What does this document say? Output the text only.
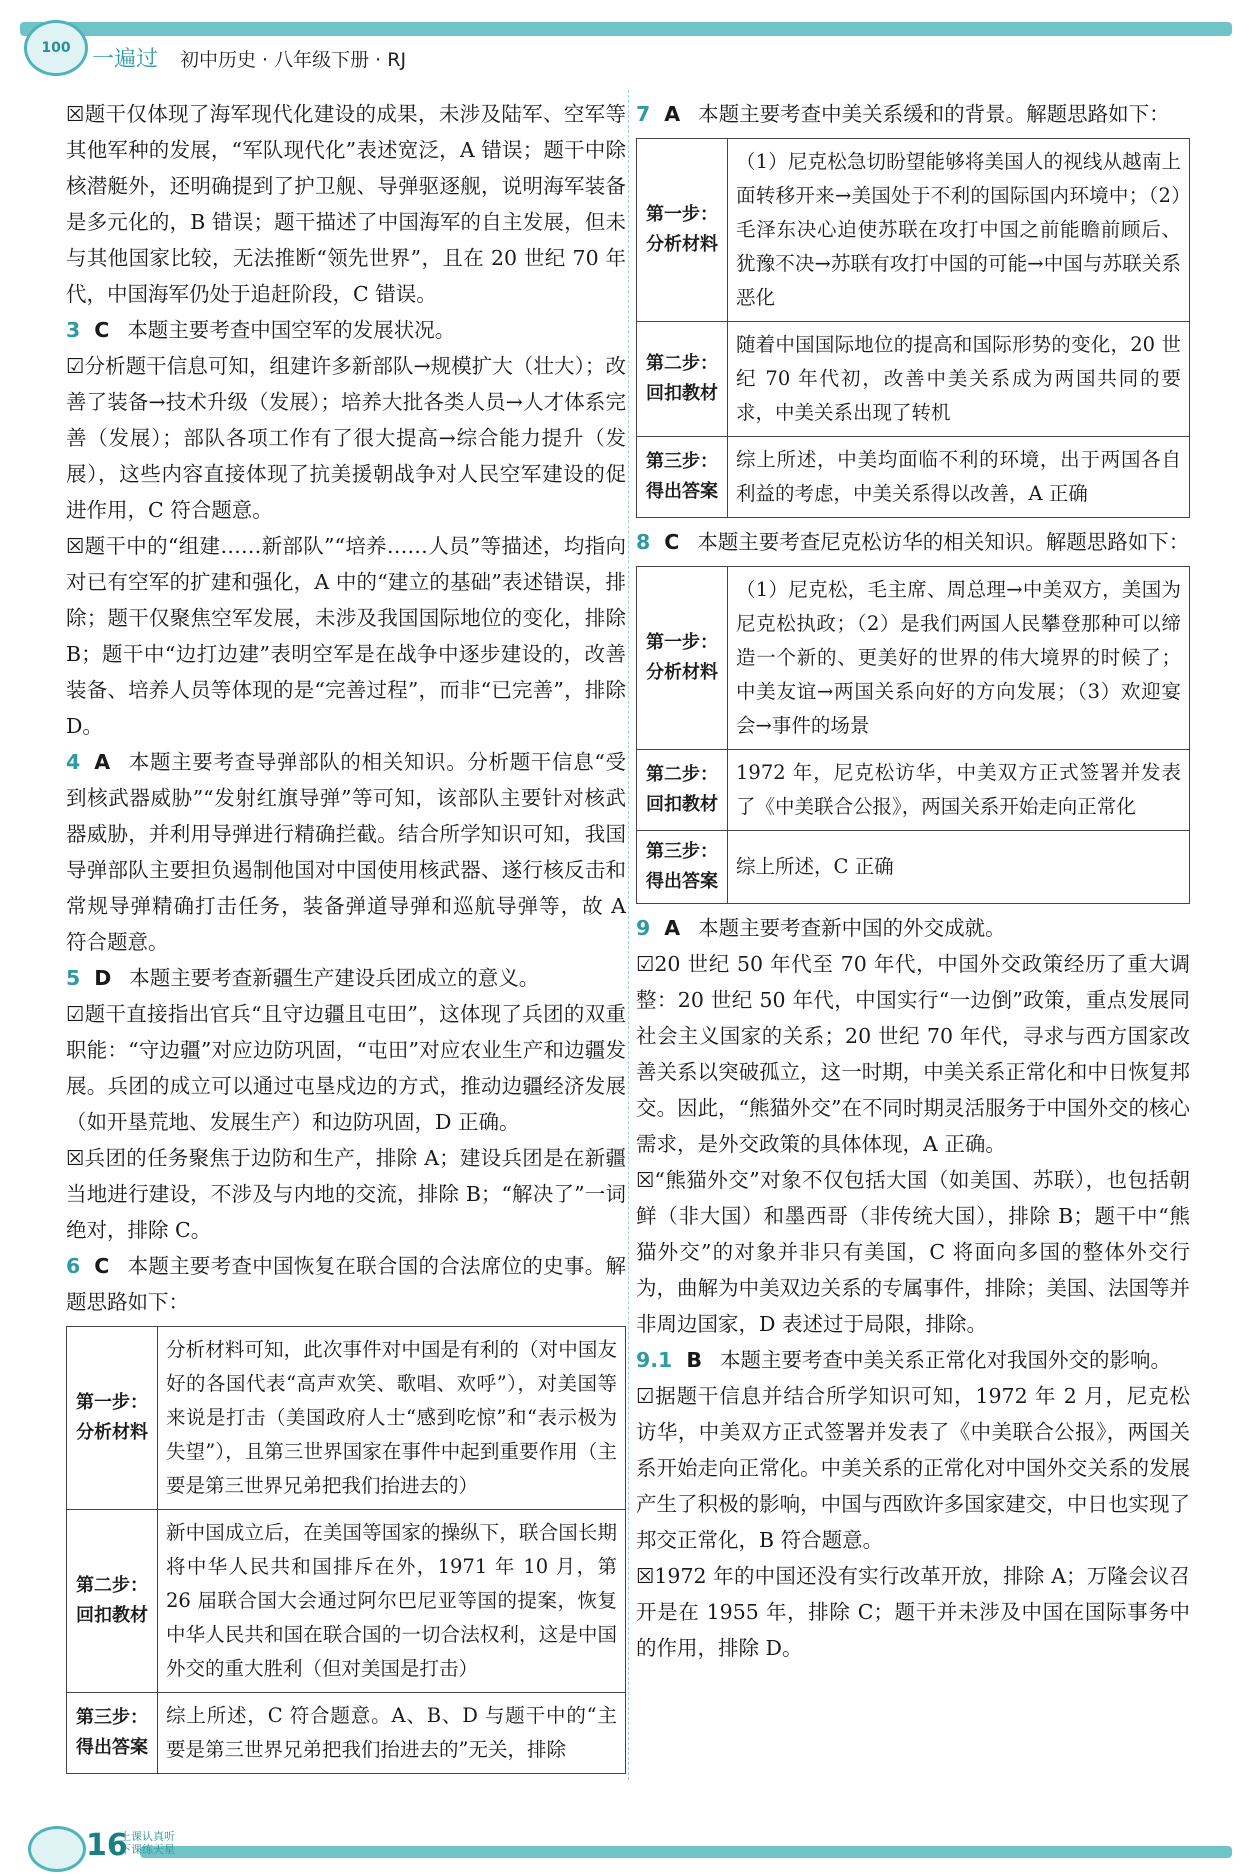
100 一遍过 初中历史 · 八年级下册 · RJ

☒题干仅体现了海军现代化建设的成果，未涉及陆军、空军等其他军种的发展，“军队现代化”表述宽泛，A 错误；题干中除核潜艇外，还明确提到了护卫舰、导弹驱逐舰，说明海军装备是多元化的，B 错误；题干描述了中国海军的自主发展，但未与其他国家比较，无法推断“领先世界”，且在 20 世纪 70 年代，中国海军仍处于追赶阶段，C 错误。

3 C 本题主要考查中国空军的发展状况。

☑分析题干信息可知，组建许多新部队→规模扩大（壮大）；改善了装备→技术升级（发展）；培养大批各类人员→人才体系完善（发展）；部队各项工作有了很大提高→综合能力提升（发展），这些内容直接体现了抗美援朝战争对人民空军建设的促进作用，C 符合题意。

☒题干中的“组建……新部队”“培养……人员”等描述，均指向对已有空军的扩建和强化，A 中的“建立的基础”表述错误，排除；题干仅聚焦空军发展，未涉及我国国际地位的变化，排除 B；题干中“边打边建”表明空军是在战争中逐步建设的，改善装备、培养人员等体现的是“完善过程”，而非“已完善”，排除 D。

4 A 本题主要考查导弹部队的相关知识。分析题干信息“受到核武器威胁”“发射红旗导弹”等可知，该部队主要针对核武器威胁，并利用导弹进行精确拦截。结合所学知识可知，我国导弹部队主要担负遏制他国对中国使用核武器、遂行核反击和常规导弹精确打击任务，装备弹道导弹和巡航导弹等，故 A 符合题意。

5 D 本题主要考查新疆生产建设兵团成立的意义。

☑题干直接指出官兵“且守边疆且屯田”，这体现了兵团的双重职能：“守边疆”对应边防巩固，“屯田”对应农业生产和边疆发展。兵团的成立可以通过屯垦戍边的方式，推动边疆经济发展（如开垦荒地、发展生产）和边防巩固，D 正确。

☒兵团的任务聚焦于边防和生产，排除 A；建设兵团是在新疆当地进行建设，不涉及与内地的交流，排除 B；“解决了”一词绝对，排除 C。

6 C 本题主要考查中国恢复在联合国的合法席位的史事。解题思路如下：

第一步：分析材料	分析材料可知，此次事件对中国是有利的（对中国友好的各国代表“高声欢笑、歌唱、欢呼”），对美国等来说是打击（美国政府人士“感到吃惊”和“表示极为失望”），且第三世界国家在事件中起到重要作用（主要是第三世界兄弟把我们抬进去的）
第二步：回扣教材	新中国成立后，在美国等国家的操纵下，联合国长期将中华人民共和国排斥在外，1971 年 10 月，第 26 届联合国大会通过阿尔巴尼亚等国的提案，恢复中华人民共和国在联合国的一切合法权利，这是中国外交的重大胜利（但对美国是打击）
第三步：得出答案	综上所述，C 符合题意。A、B、D 与题干中的“主要是第三世界兄弟把我们抬进去的”无关，排除

7 A 本题主要考查中美关系缓和的背景。解题思路如下：

第一步：分析材料	（1）尼克松急切盼望能够将美国人的视线从越南上面转移开来→美国处于不利的国际国内环境中；（2）毛泽东决心迫使苏联在攻打中国之前能瞻前顾后、犹豫不决→苏联有攻打中国的可能→中国与苏联关系恶化
第二步：回扣教材	随着中国国际地位的提高和国际形势的变化，20 世纪 70 年代初，改善中美关系成为两国共同的要求，中美关系出现了转机
第三步：得出答案	综上所述，中美均面临不利的环境，出于两国各自利益的考虑，中美关系得以改善，A 正确

8 C 本题主要考查尼克松访华的相关知识。解题思路如下：

第一步：分析材料	（1）尼克松，毛主席、周总理→中美双方，美国为尼克松执政；（2）是我们两国人民攀登那种可以缔造一个新的、更美好的世界的伟大境界的时候了；中美友谊→两国关系向好的方向发展；（3）欢迎宴会→事件的场景
第二步：回扣教材	1972 年，尼克松访华，中美双方正式签署并发表了《中美联合公报》，两国关系开始走向正常化
第三步：得出答案	综上所述，C 正确

9 A 本题主要考查新中国的外交成就。

☑20 世纪 50 年代至 70 年代，中国外交政策经历了重大调整：20 世纪 50 年代，中国实行“一边倒”政策，重点发展同社会主义国家的关系；20 世纪 70 年代，寻求与西方国家改善关系以突破孤立，这一时期，中美关系正常化和中日恢复邦交。因此，“熊猫外交”在不同时期灵活服务于中国外交的核心需求，是外交政策的具体体现，A 正确。

☒“熊猫外交”对象不仅包括大国（如美国、苏联），也包括朝鲜（非大国）和墨西哥（非传统大国），排除 B；题干中“熊猫外交”的对象并非只有美国，C 将面向多国的整体外交行为，曲解为中美双边关系的专属事件，排除；美国、法国等并非周边国家，D 表述过于局限，排除。

9.1 B 本题主要考查中美关系正常化对我国外交的影响。

☑据题干信息并结合所学知识可知，1972 年 2 月，尼克松访华，中美双方正式签署并发表了《中美联合公报》，两国关系开始走向正常化。中美关系的正常化对中国外交关系的发展产生了积极的影响，中国与西欧许多国家建交，中日也实现了邦交正常化，B 符合题意。

☒1972 年的中国还没有实行改革开放，排除 A；万隆会议召开是在 1955 年，排除 C；题干并未涉及中国在国际事务中的作用，排除 D。

16
上课认真听
下课练天星
